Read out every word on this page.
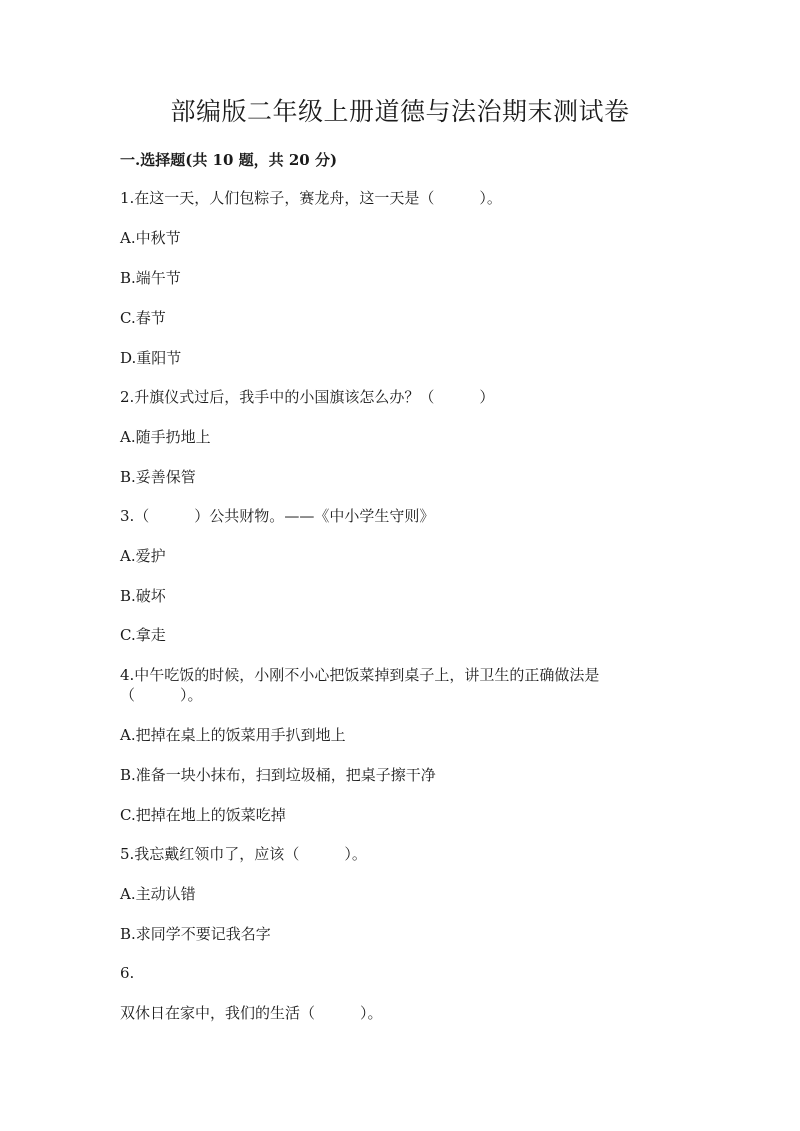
部编版二年级上册道德与法治期末测试卷
一.选择题(共 10 题，共 20 分)
1.在这一天，人们包粽子，赛龙舟，这一天是（　　　）。
A.中秋节
B.端午节
C.春节
D.重阳节
2.升旗仪式过后，我手中的小国旗该怎么办？（　　　）
A.随手扔地上
B.妥善保管
3.（　　　）公共财物。——《中小学生守则》
A.爱护
B.破坏
C.拿走
4.中午吃饭的时候，小刚不小心把饭菜掉到桌子上，讲卫生的正确做法是
（　　　）。
A.把掉在桌上的饭菜用手扒到地上
B.准备一块小抹布，扫到垃圾桶，把桌子擦干净
C.把掉在地上的饭菜吃掉
5.我忘戴红领巾了，应该（　　　）。
A.主动认错
B.求同学不要记我名字
6.
双休日在家中，我们的生活（　　　）。
